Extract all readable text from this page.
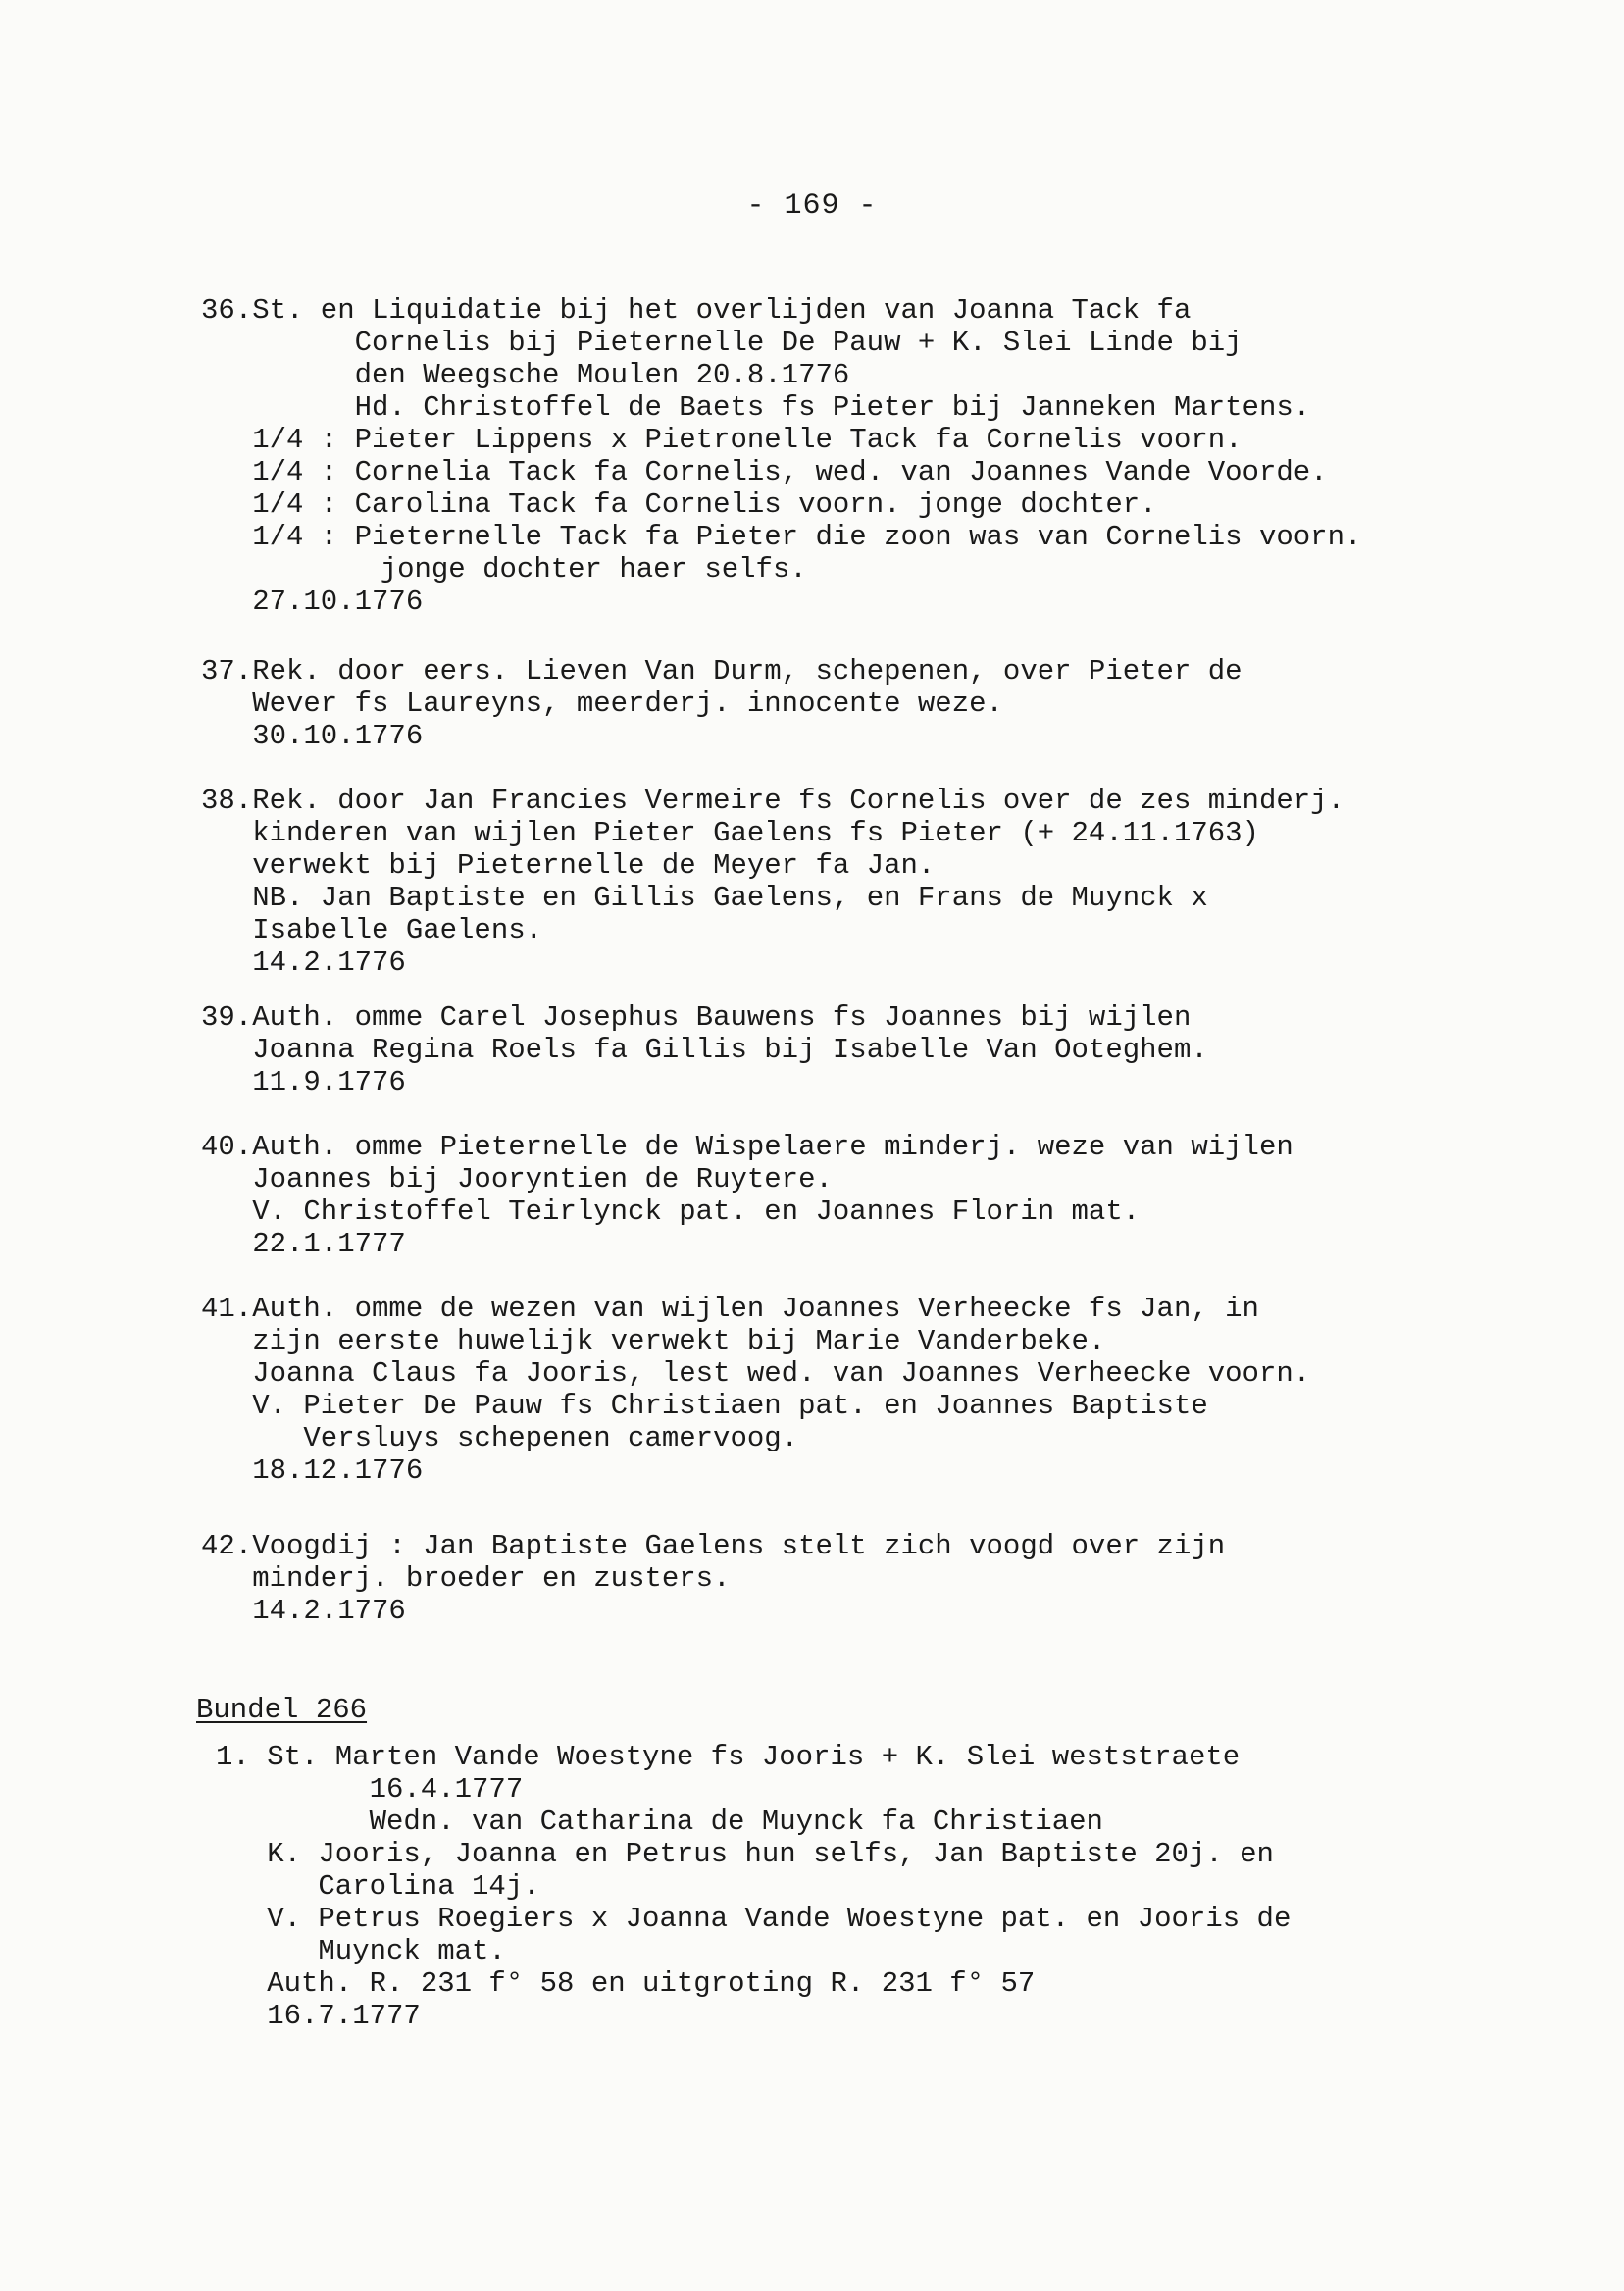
- 169 -
36. St. en Liquidatie bij het overlijden van Joanna Tack fa
Cornelis bij Pieternelle De Pauw + K. Slei Linde bij
den Weegsche Moulen 20.8.1776
Hd. Christoffel de Baets fs Pieter bij Janneken Martens.
1/4 : Pieter Lippens x Pietronelle Tack fa Cornelis voorn.
1/4 : Cornelia Tack fa Cornelis, wed. van Joannes Vande Voorde.
1/4 : Carolina Tack fa Cornelis voorn. jonge dochter.
1/4 : Pieternelle Tack fa Pieter die zoon was van Cornelis voorn.
jonge dochter haer selfs.
27.10.1776
37. Rek. door eers. Lieven Van Durm, schepenen, over Pieter de
Wever fs Laureyns, meerderj. innocente weze.
30.10.1776
38. Rek. door Jan Francies Vermeire fs Cornelis over de zes minderj.
kinderen van wijlen Pieter Gaelens fs Pieter (+ 24.11.1763)
verwekt bij Pieternelle de Meyer fa Jan.
NB. Jan Baptiste en Gillis Gaelens, en Frans de Muynck x
Isabelle Gaelens.
14.2.1776
39. Auth. omme Carel Josephus Bauwens fs Joannes bij wijlen
Joanna Regina Roels fa Gillis bij Isabelle Van Ooteghem.
11.9.1776
40. Auth. omme Pieternelle de Wispelaere minderj. weze van wijlen
Joannes bij Jooryntien de Ruytere.
V. Christoffel Teirlynck pat. en Joannes Florin mat.
22.1.1777
41. Auth. omme de wezen van wijlen Joannes Verheecke fs Jan, in
zijn eerste huwelijk verwekt bij Marie Vanderbeke.
Joanna Claus fa Jooris, lest wed. van Joannes Verheecke voorn.
V. Pieter De Pauw fs Christiaen pat. en Joannes Baptiste
Versluys schepenen camervoog.
18.12.1776
42. Voogdij : Jan Baptiste Gaelens stelt zich voogd over zijn
minderj. broeder en zusters.
14.2.1776
Bundel 266
1. St. Marten Vande Woestyne fs Jooris + K. Slei weststraete
16.4.1777
Wedn. van Catharina de Muynck fa Christiaen
K. Jooris, Joanna en Petrus hun selfs, Jan Baptiste 20j. en
Carolina 14j.
V. Petrus Roegiers x Joanna Vande Woestyne pat. en Jooris de
Muynck mat.
Auth. R. 231 f° 58 en uitgroting R. 231 f° 57
16.7.1777
